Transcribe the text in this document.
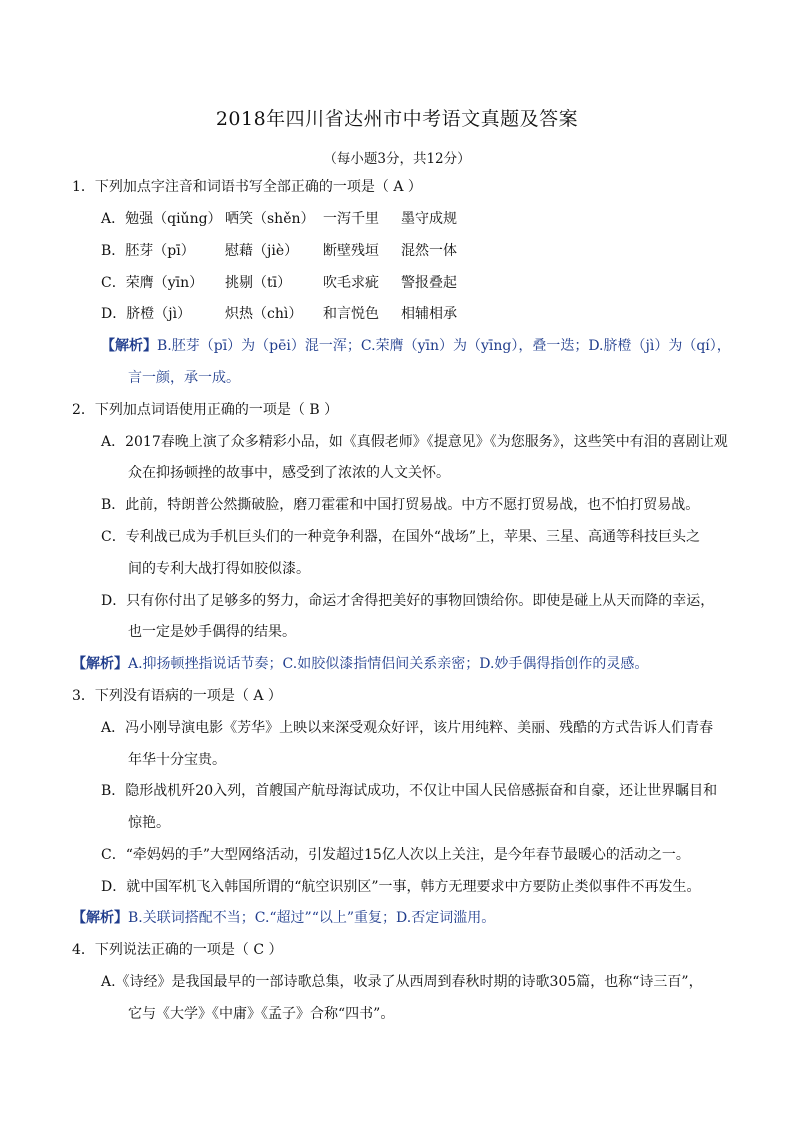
2018年四川省达州市中考语文真题及答案
（每小题3分，共12分）
1．下列加点字注音和词语书写全部正确的一项是（ A ）
A．勉强（qiǔng） 哂笑（shěn） 一泻千里 墨守成规
B．胚芽（pī） 慰藉（jiè） 断壁残垣 混然一体
C．荣膺（yīn） 挑剔（tī） 吹毛求疵 警报叠起
D．脐橙（jì） 炽热（chì） 和言悦色 相辅相承
【解析】B.胚芽（pī）为（pēi）混一浑；C.荣膺（yīn）为（yīng），叠一迭；D.脐橙（jì）为（qí），
言一颜，承一成。
2．下列加点词语使用正确的一项是（ B ）
A．2017春晚上演了众多精彩小品，如《真假老师》《提意见》《为您服务》，这些笑中有泪的喜剧让观
众在抑扬顿挫的故事中，感受到了浓浓的人文关怀。
B．此前，特朗普公然撕破脸，磨刀霍霍和中国打贸易战。中方不愿打贸易战，也不怕打贸易战。
C．专利战已成为手机巨头们的一种竞争利器，在国外“战场”上，苹果、三星、高通等科技巨头之
间的专利大战打得如胶似漆。
D．只有你付出了足够多的努力，命运才舍得把美好的事物回馈给你。即使是碰上从天而降的幸运，
也一定是妙手偶得的结果。
【解析】A.抑扬顿挫指说话节奏；C.如胶似漆指情侣间关系亲密；D.妙手偶得指创作的灵感。
3．下列没有语病的一项是（ A ）
A．冯小刚导演电影《芳华》上映以来深受观众好评，该片用纯粹、美丽、残酷的方式告诉人们青春
年华十分宝贵。
B．隐形战机歼20入列，首艘国产航母海试成功，不仅让中国人民倍感振奋和自豪，还让世界瞩目和
惊艳。
C．“牵妈妈的手”大型网络活动，引发超过15亿人次以上关注，是今年春节最暖心的活动之一。
D．就中国军机飞入韩国所谓的“航空识别区”一事，韩方无理要求中方要防止类似事件不再发生。
【解析】B.关联词搭配不当；C.“超过”“以上”重复；D.否定词滥用。
4．下列说法正确的一项是（ C ）
A.《诗经》是我国最早的一部诗歌总集，收录了从西周到春秋时期的诗歌305篇，也称“诗三百”，
它与《大学》《中庸》《孟子》合称“四书”。
